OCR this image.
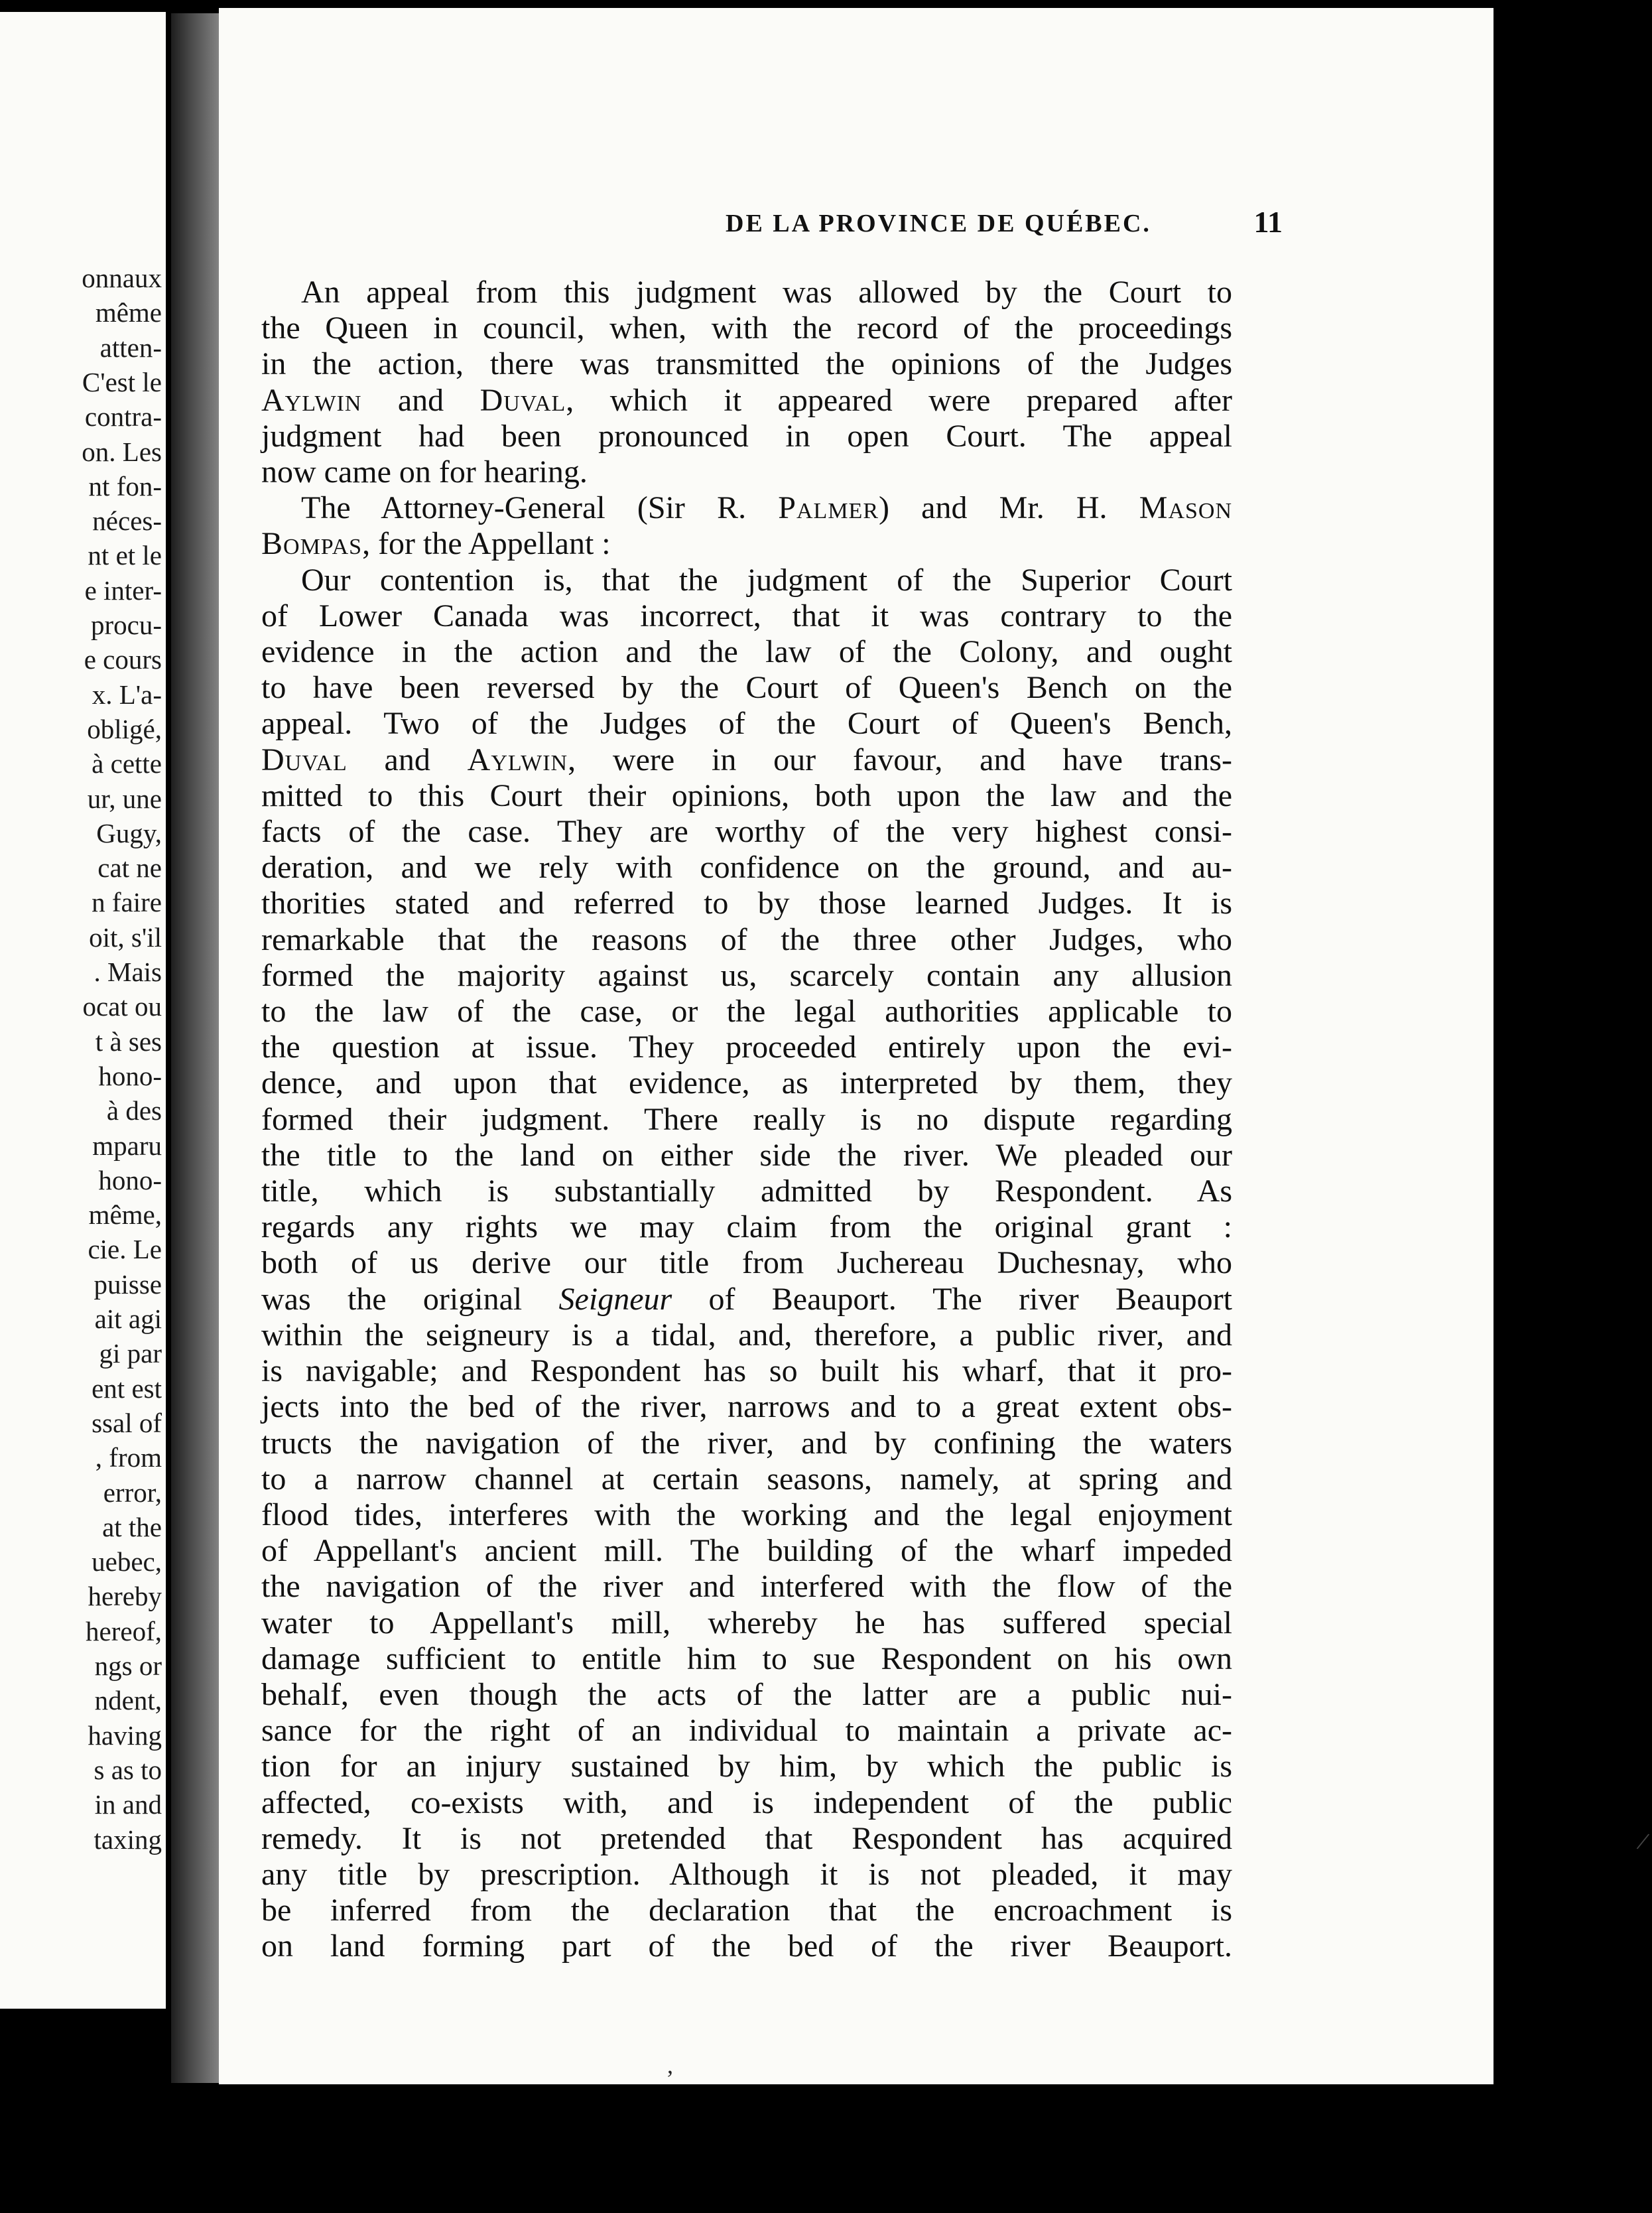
onnaux

même

atten-

C'est le

contra-

on. Les

nt fon-

néces-

nt et le

e inter-

procu-

e cours

x. L'a-

obligé,

à cette

ur, une

Gugy,

cat ne

n faire

oit, s'il

. Mais

ocat ou

t à ses

hono-

à des

mparu

hono-

même,

cie. Le

puisse

ait agi

gi par

ent est

ssal of

, from

error,

at the

uebec,

hereby

hereof,

ngs or

ndent,

having

s as to

in and

taxing

DE LA PROVINCE DE QUÉBEC.	11
An appeal from this judgment was allowed by the Court to
the Queen in council, when, with the record of the proceedings
in the action, there was transmitted the opinions of the Judges
Aylwin and Duval, which it appeared were prepared after
judgment had been pronounced in open Court. The appeal
now came on for hearing.
The Attorney-General (Sir R. Palmer) and Mr. H. Mason
Bompas, for the Appellant :
Our contention is, that the judgment of the Superior Court
of Lower Canada was incorrect, that it was contrary to the
evidence in the action and the law of the Colony, and ought
to have been reversed by the Court of Queen's Bench on the
appeal. Two of the Judges of the Court of Queen's Bench,
Duval and Aylwin, were in our favour, and have trans-
mitted to this Court their opinions, both upon the law and the
facts of the case. They are worthy of the very highest consi-
deration, and we rely with confidence on the ground, and au-
thorities stated and referred to by those learned Judges. It is
remarkable that the reasons of the three other Judges, who
formed the majority against us, scarcely contain any allusion
to the law of the case, or the legal authorities applicable to
the question at issue. They proceeded entirely upon the evi-
dence, and upon that evidence, as interpreted by them, they
formed their judgment. There really is no dispute regarding
the title to the land on either side the river. We pleaded our
title, which is substantially admitted by Respondent. As
regards any rights we may claim from the original grant :
both of us derive our title from Juchereau Duchesnay, who
was the original Seigneur of Beauport. The river Beauport
within the seigneury is a tidal, and, therefore, a public river, and
is navigable; and Respondent has so built his wharf, that it pro-
jects into the bed of the river, narrows and to a great extent obs-
tructs the navigation of the river, and by confining the waters
to a narrow channel at certain seasons, namely, at spring and
flood tides, interferes with the working and the legal enjoyment
of Appellant's ancient mill. The building of the wharf impeded
the navigation of the river and interfered with the flow of the
water to Appellant's mill, whereby he has suffered special
damage sufficient to entitle him to sue Respondent on his own
behalf, even though the acts of the latter are a public nui-
sance for the right of an individual to maintain a private ac-
tion for an injury sustained by him, by which the public is
affected, co-exists with, and is independent of the public
remedy. It is not pretended that Respondent has acquired
any title by prescription. Although it is not pleaded, it may
be inferred from the declaration that the encroachment is
on land forming part of the bed of the river Beauport.
,
/
